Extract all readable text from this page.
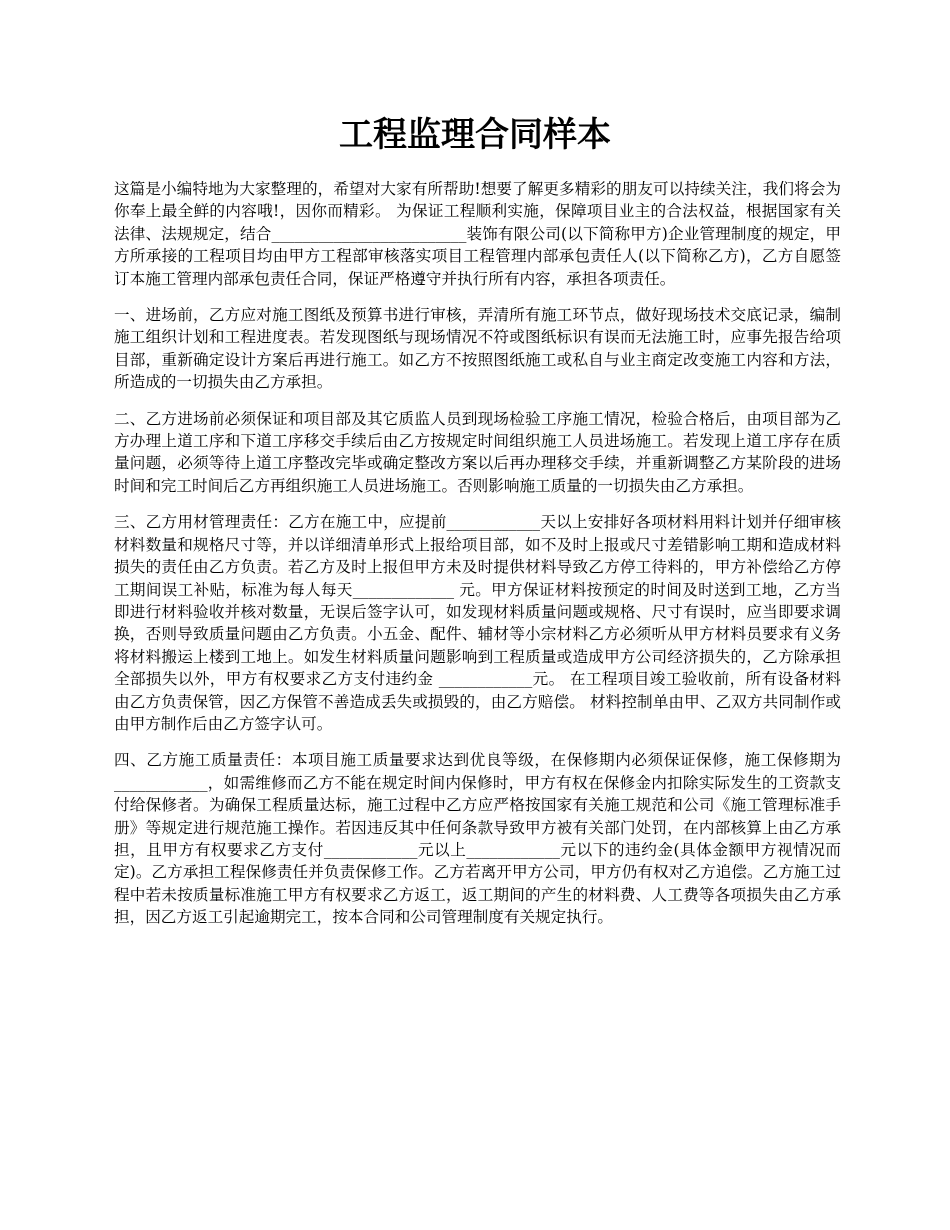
工程监理合同样本

这篇是小编特地为大家整理的，希望对大家有所帮助!想要了解更多精彩的朋友可以持续关注，我们将会为你奉上最全鲜的内容哦!，因你而精彩。 为保证工程顺利实施，保障项目业主的合法权益，根据国家有关法律、法规规定，结合_________________________装饰有限公司(以下简称甲方)企业管理制度的规定，甲方所承接的工程项目均由甲方工程部审核落实项目工程管理内部承包责任人(以下简称乙方)，乙方自愿签订本施工管理内部承包责任合同，保证严格遵守并执行所有内容，承担各项责任。

一、进场前，乙方应对施工图纸及预算书进行审核，弄清所有施工环节点，做好现场技术交底记录，编制施工组织计划和工程进度表。若发现图纸与现场情况不符或图纸标识有误而无法施工时，应事先报告给项目部，重新确定设计方案后再进行施工。如乙方不按照图纸施工或私自与业主商定改变施工内容和方法，所造成的一切损失由乙方承担。

二、乙方进场前必须保证和项目部及其它质监人员到现场检验工序施工情况，检验合格后，由项目部为乙方办理上道工序和下道工序移交手续后由乙方按规定时间组织施工人员进场施工。若发现上道工序存在质量问题，必须等待上道工序整改完毕或确定整改方案以后再办理移交手续，并重新调整乙方某阶段的进场时间和完工时间后乙方再组织施工人员进场施工。否则影响施工质量的一切损失由乙方承担。

三、乙方用材管理责任：乙方在施工中，应提前____________天以上安排好各项材料用料计划并仔细审核材料数量和规格尺寸等，并以详细清单形式上报给项目部，如不及时上报或尺寸差错影响工期和造成材料损失的责任由乙方负责。若乙方及时上报但甲方未及时提供材料导致乙方停工待料的，甲方补偿给乙方停工期间误工补贴，标准为每人每天_____________ 元。甲方保证材料按预定的时间及时送到工地，乙方当即进行材料验收并核对数量，无误后签字认可，如发现材料质量问题或规格、尺寸有误时，应当即要求调换，否则导致质量问题由乙方负责。小五金、配件、辅材等小宗材料乙方必须听从甲方材料员要求有义务将材料搬运上楼到工地上。如发生材料质量问题影响到工程质量或造成甲方公司经济损失的，乙方除承担全部损失以外，甲方有权要求乙方支付违约金 ____________元。 在工程项目竣工验收前，所有设备材料由乙方负责保管，因乙方保管不善造成丢失或损毁的，由乙方赔偿。 材料控制单由甲、乙双方共同制作或由甲方制作后由乙方签字认可。

四、乙方施工质量责任：本项目施工质量要求达到优良等级，在保修期内必须保证保修，施工保修期为____________，如需维修而乙方不能在规定时间内保修时，甲方有权在保修金内扣除实际发生的工资款支付给保修者。为确保工程质量达标，施工过程中乙方应严格按国家有关施工规范和公司《施工管理标准手册》等规定进行规范施工操作。若因违反其中任何条款导致甲方被有关部门处罚，在内部核算上由乙方承担，且甲方有权要求乙方支付____________元以上____________元以下的违约金(具体金额甲方视情况而定)。乙方承担工程保修责任并负责保修工作。乙方若离开甲方公司，甲方仍有权对乙方追偿。乙方施工过程中若未按质量标准施工甲方有权要求乙方返工，返工期间的产生的材料费、人工费等各项损失由乙方承担，因乙方返工引起逾期完工，按本合同和公司管理制度有关规定执行。
